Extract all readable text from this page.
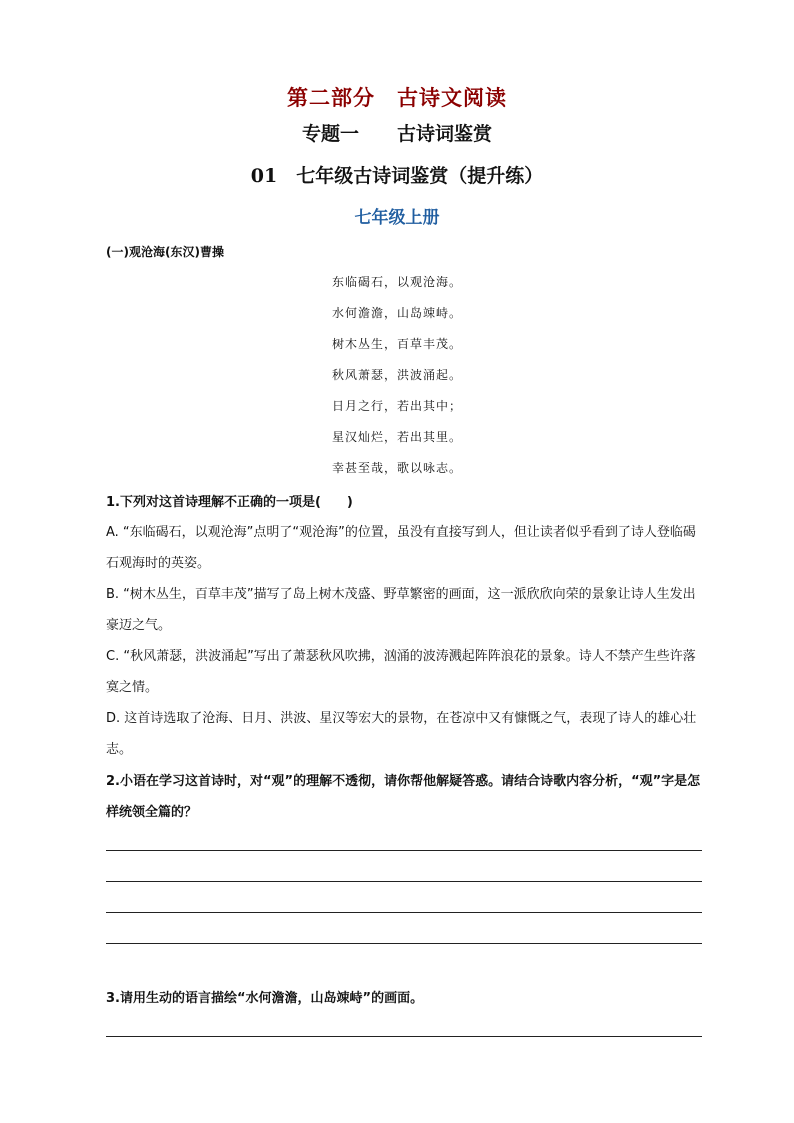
第二部分　古诗文阅读
专题一　　古诗词鉴赏
01　七年级古诗词鉴赏（提升练）
七年级上册
(一)观沧海(东汉)曹操
东临碣石，以观沧海。
水何澹澹，山岛竦峙。
树木丛生，百草丰茂。
秋风萧瑟，洪波涌起。
日月之行，若出其中；
星汉灿烂，若出其里。
幸甚至哉，歌以咏志。
1.下列对这首诗理解不正确的一项是(　　)
A. “东临碣石，以观沧海”点明了“观沧海”的位置，虽没有直接写到人，但让读者似乎看到了诗人登临碣石观海时的英姿。
B. “树木丛生，百草丰茂”描写了岛上树木茂盛、野草繁密的画面，这一派欣欣向荣的景象让诗人生发出豪迈之气。
C. “秋风萧瑟，洪波涌起”写出了萧瑟秋风吹拂，汹涌的波涛溅起阵阵浪花的景象。诗人不禁产生些许落寞之情。
D. 这首诗选取了沧海、日月、洪波、星汉等宏大的景物，在苍凉中又有慷慨之气，表现了诗人的雄心壮志。
2.小语在学习这首诗时，对“观”的理解不透彻，请你帮他解疑答惑。请结合诗歌内容分析，“观”字是怎样统领全篇的？
3.请用生动的语言描绘“水何澹澹，山岛竦峙”的画面。
